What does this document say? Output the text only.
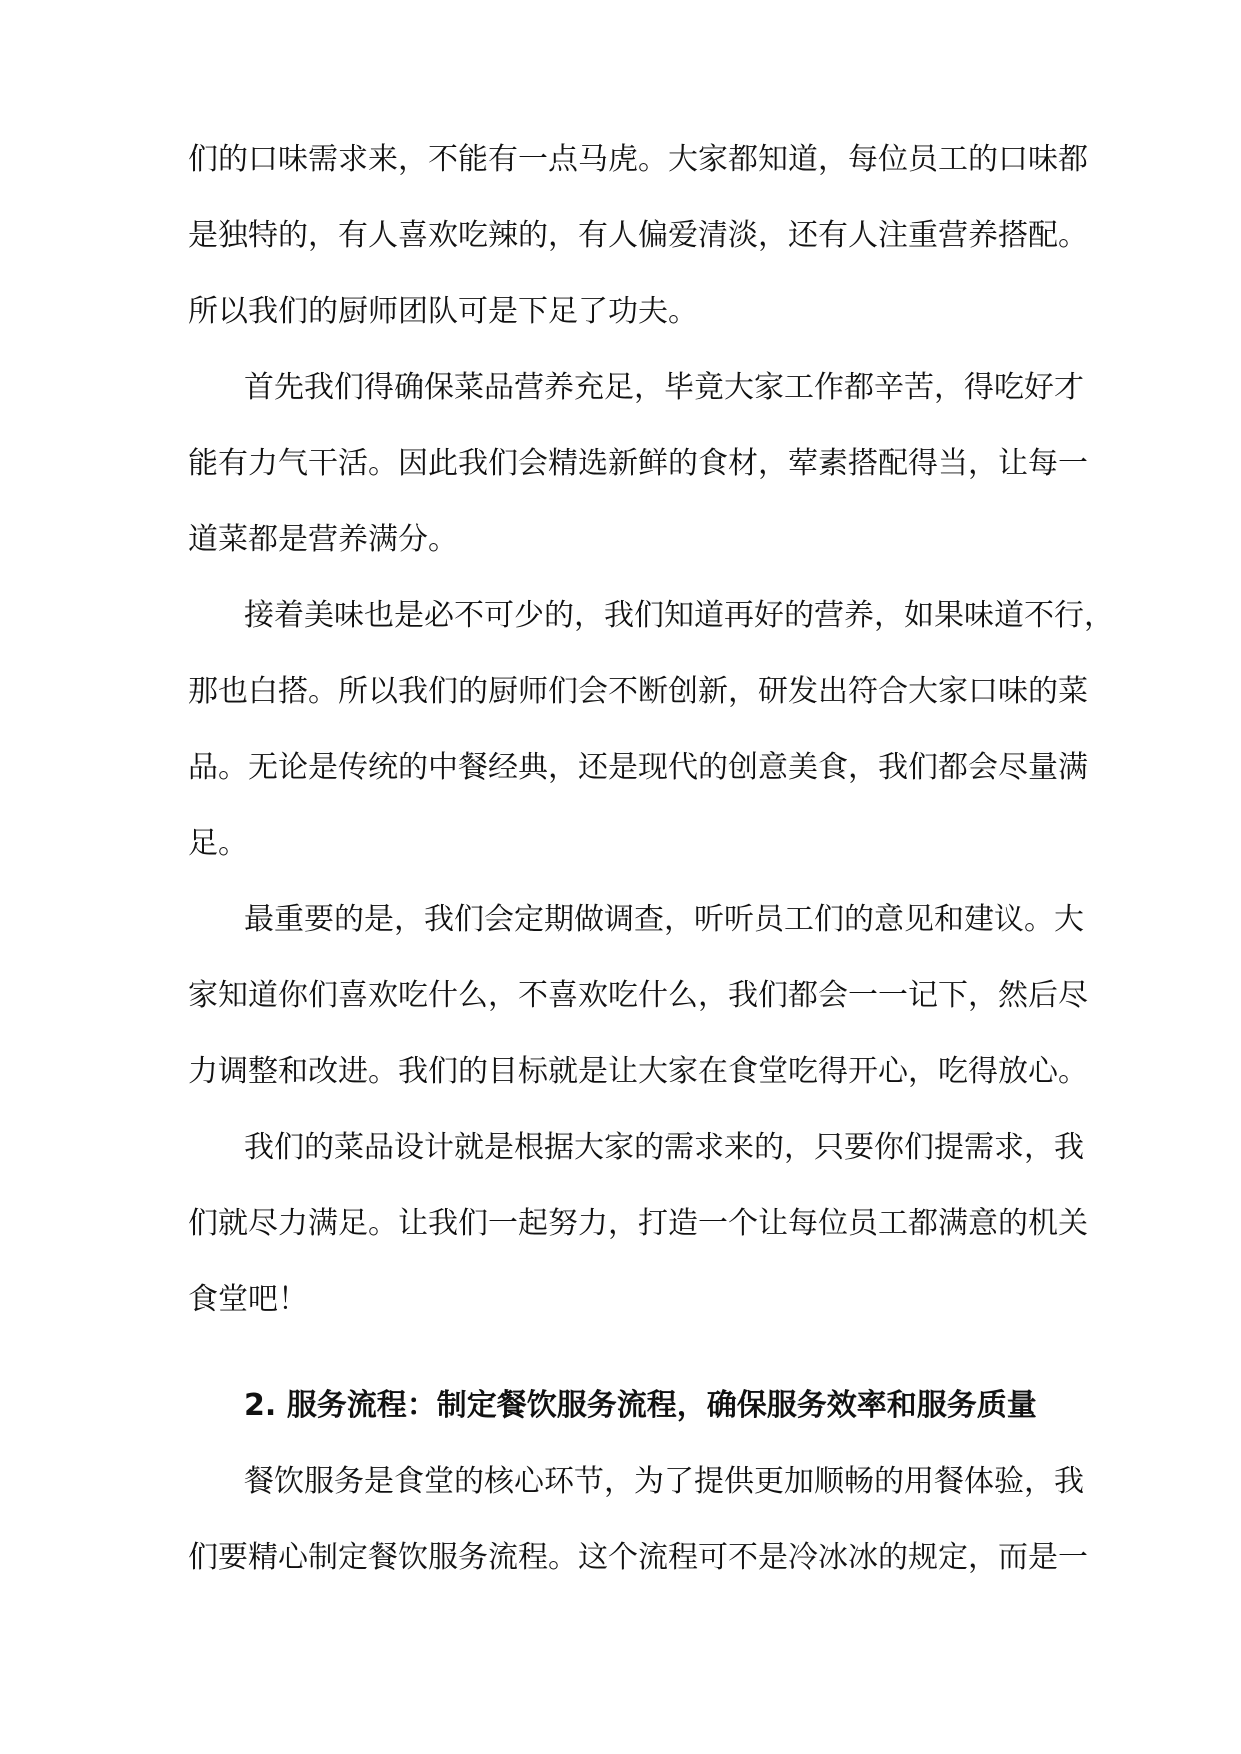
们的口味需求来，不能有一点马虎。大家都知道，每位员工的口味都
是独特的，有人喜欢吃辣的，有人偏爱清淡，还有人注重营养搭配。
所以我们的厨师团队可是下足了功夫。
首先我们得确保菜品营养充足，毕竟大家工作都辛苦，得吃好才
能有力气干活。因此我们会精选新鲜的食材，荤素搭配得当，让每一
道菜都是营养满分。
接着美味也是必不可少的，我们知道再好的营养，如果味道不行，
那也白搭。所以我们的厨师们会不断创新，研发出符合大家口味的菜
品。无论是传统的中餐经典，还是现代的创意美食，我们都会尽量满
足。
最重要的是，我们会定期做调查，听听员工们的意见和建议。大
家知道你们喜欢吃什么，不喜欢吃什么，我们都会一一记下，然后尽
力调整和改进。我们的目标就是让大家在食堂吃得开心，吃得放心。
我们的菜品设计就是根据大家的需求来的，只要你们提需求，我
们就尽力满足。让我们一起努力，打造一个让每位员工都满意的机关
食堂吧！
2. 服务流程：制定餐饮服务流程，确保服务效率和服务质量
餐饮服务是食堂的核心环节，为了提供更加顺畅的用餐体验，我
们要精心制定餐饮服务流程。这个流程可不是冷冰冰的规定，而是一
